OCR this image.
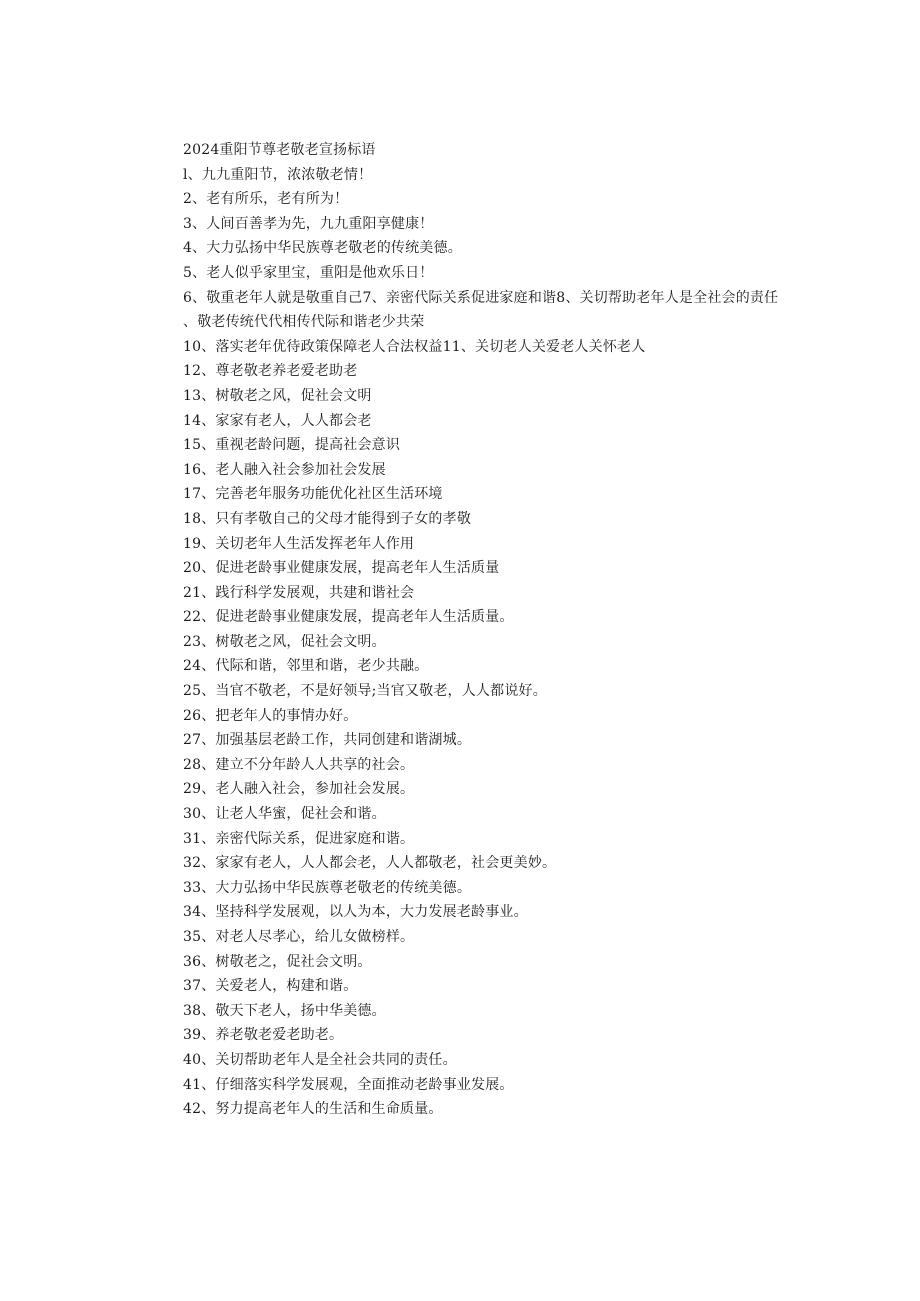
2024重阳节尊老敬老宣扬标语
l、九九重阳节，浓浓敬老情！
2、老有所乐，老有所为！
3、人间百善孝为先，九九重阳享健康！
4、大力弘扬中华民族尊老敬老的传统美德。
5、老人似乎家里宝，重阳是他欢乐日！
6、敬重老年人就是敬重自己7、亲密代际关系促进家庭和谐8、关切帮助老年人是全社会的责任
、敬老传统代代相传代际和谐老少共荣
10、落实老年优待政策保障老人合法权益11、关切老人关爱老人关怀老人
12、尊老敬老养老爱老助老
13、树敬老之风，促社会文明
14、家家有老人，人人都会老
15、重视老龄问题，提高社会意识
16、老人融入社会参加社会发展
17、完善老年服务功能优化社区生活环境
18、只有孝敬自己的父母才能得到子女的孝敬
19、关切老年人生活发挥老年人作用
20、促进老龄事业健康发展，提高老年人生活质量
21、践行科学发展观，共建和谐社会
22、促进老龄事业健康发展，提高老年人生活质量。
23、树敬老之风，促社会文明。
24、代际和谐，邻里和谐，老少共融。
25、当官不敬老，不是好领导;当官又敬老，人人都说好。
26、把老年人的事情办好。
27、加强基层老龄工作，共同创建和谐湖城。
28、建立不分年龄人人共享的社会。
29、老人融入社会，参加社会发展。
30、让老人华蜜，促社会和谐。
31、亲密代际关系，促进家庭和谐。
32、家家有老人，人人都会老，人人都敬老，社会更美妙。
33、大力弘扬中华民族尊老敬老的传统美德。
34、坚持科学发展观，以人为本，大力发展老龄事业。
35、对老人尽孝心，给儿女做榜样。
36、树敬老之，促社会文明。
37、关爱老人，构建和谐。
38、敬天下老人，扬中华美德。
39、养老敬老爱老助老。
40、关切帮助老年人是全社会共同的责任。
41、仔细落实科学发展观，全面推动老龄事业发展。
42、努力提高老年人的生活和生命质量。
